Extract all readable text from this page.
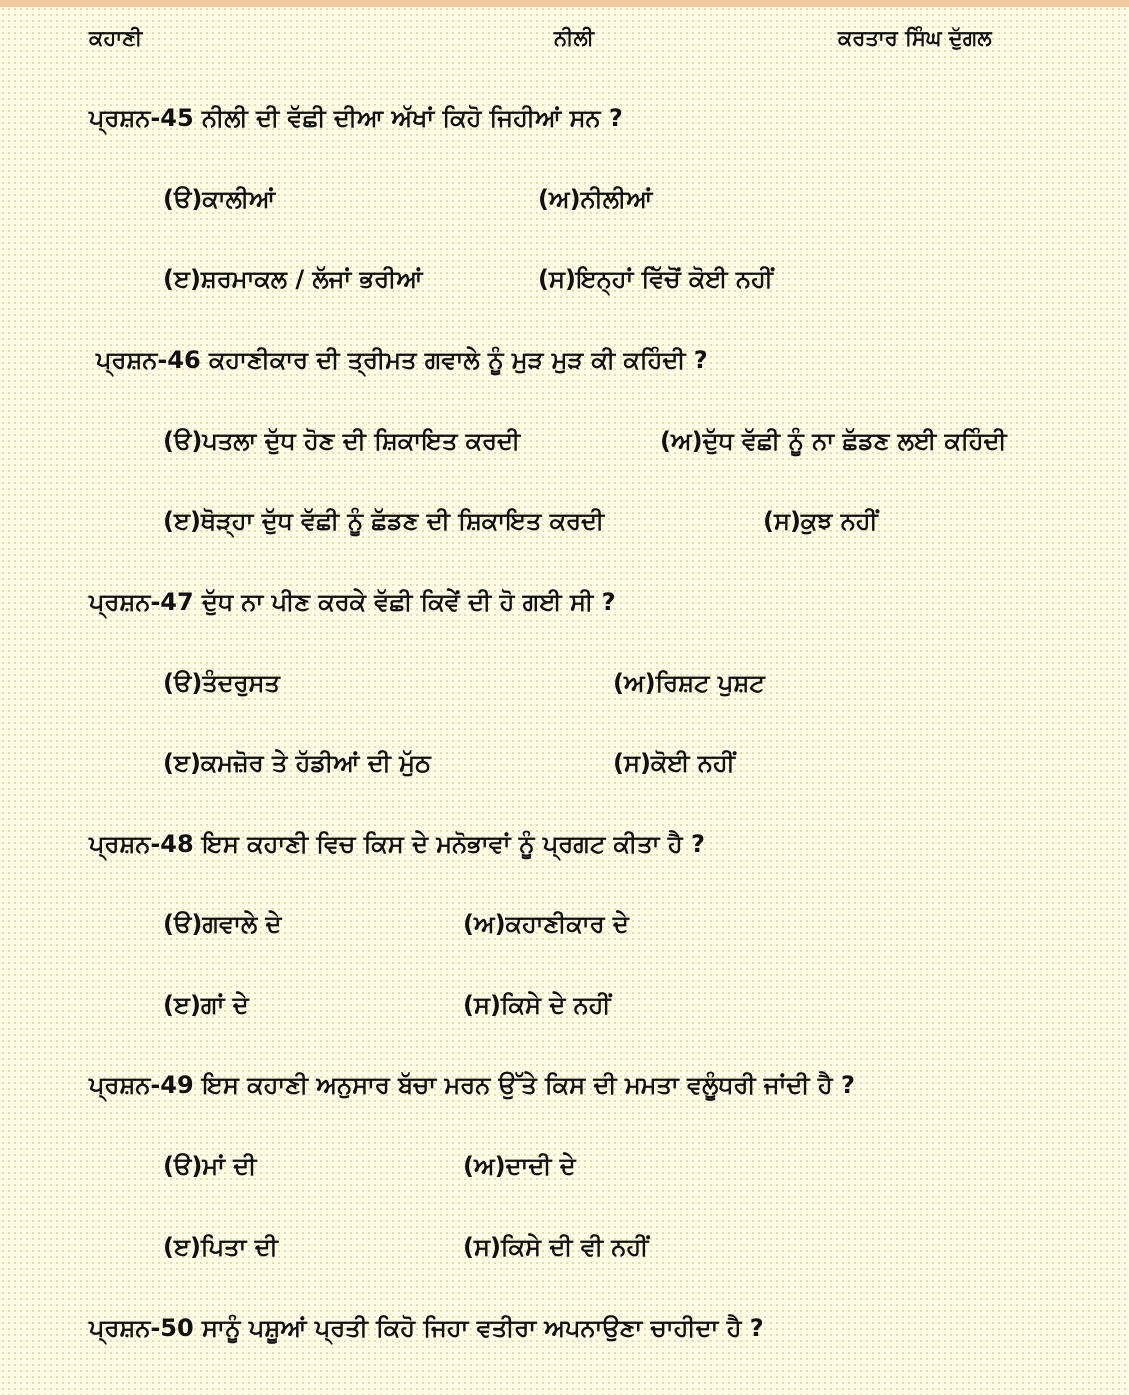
ਕਹਾਣੀ	ਨੀਲੀ	ਕਰਤਾਰ ਸਿੰਘ ਦੁੱਗਲ
ਪ੍ਰਸ਼ਨ-45 ਨੀਲੀ ਦੀ ਵੱਛੀ ਦੀਆ ਅੱਖਾਂ ਕਿਹੋ ਜਿਹੀਆਂ ਸਨ ?
(ੳ)ਕਾਲੀਆਂ	(ਅ)ਨੀਲੀਆਂ
(ੲ)ਸ਼ਰਮਾਕਲ / ਲੱਜਾਂ ਭਰੀਆਂ	(ਸ)ਇਨ੍ਹਾਂ ਵਿੱਚੋਂ ਕੋਈ ਨਹੀਂ
ਪ੍ਰਸ਼ਨ-46 ਕਹਾਣੀਕਾਰ ਦੀ ਤ੍ਰੀਮਤ ਗਵਾਲੇ ਨੂੰ ਮੁੜ ਮੁੜ ਕੀ ਕਹਿੰਦੀ ?
(ੳ)ਪਤਲਾ ਦੁੱਧ ਹੋਣ ਦੀ ਸ਼ਿਕਾਇਤ ਕਰਦੀ	(ਅ)ਦੁੱਧ ਵੱਛੀ ਨੂੰ ਨਾ ਛੱਡਣ ਲਈ ਕਹਿੰਦੀ
(ੲ)ਥੋੜ੍ਹਾ ਦੁੱਧ ਵੱਛੀ ਨੂੰ ਛੱਡਣ ਦੀ ਸ਼ਿਕਾਇਤ ਕਰਦੀ	(ਸ)ਕੁਝ ਨਹੀਂ
ਪ੍ਰਸ਼ਨ-47 ਦੁੱਧ ਨਾ ਪੀਣ ਕਰਕੇ ਵੱਛੀ ਕਿਵੇਂ ਦੀ ਹੋ ਗਈ ਸੀ ?
(ੳ)ਤੰਦਰੁਸਤ	(ਅ)ਰਿਸ਼ਟ ਪੁਸ਼ਟ
(ੲ)ਕਮਜ਼ੋਰ ਤੇ ਹੱਡੀਆਂ ਦੀ ਮੁੱਠ	(ਸ)ਕੋਈ ਨਹੀਂ
ਪ੍ਰਸ਼ਨ-48 ਇਸ ਕਹਾਣੀ ਵਿਚ ਕਿਸ ਦੇ ਮਨੋਭਾਵਾਂ ਨੂੰ ਪ੍ਰਗਟ ਕੀਤਾ ਹੈ ?
(ੳ)ਗਵਾਲੇ ਦੇ	(ਅ)ਕਹਾਣੀਕਾਰ ਦੇ
(ੲ)ਗਾਂ ਦੇ	(ਸ)ਕਿਸੇ ਦੇ ਨਹੀਂ
ਪ੍ਰਸ਼ਨ-49 ਇਸ ਕਹਾਣੀ ਅਨੁਸਾਰ ਬੱਚਾ ਮਰਨ ਉੱਤੇ ਕਿਸ ਦੀ ਮਮਤਾ ਵਲੂੰਧਰੀ ਜਾਂਦੀ ਹੈ ?
(ੳ)ਮਾਂ ਦੀ	(ਅ)ਦਾਦੀ ਦੇ
(ੲ)ਪਿਤਾ ਦੀ	(ਸ)ਕਿਸੇ ਦੀ ਵੀ ਨਹੀਂ
ਪ੍ਰਸ਼ਨ-50 ਸਾਨੂੰ ਪਸ਼ੂਆਂ ਪ੍ਰਤੀ ਕਿਹੋ ਜਿਹਾ ਵਤੀਰਾ ਅਪਨਾਉਣਾ ਚਾਹੀਦਾ ਹੈ ?
